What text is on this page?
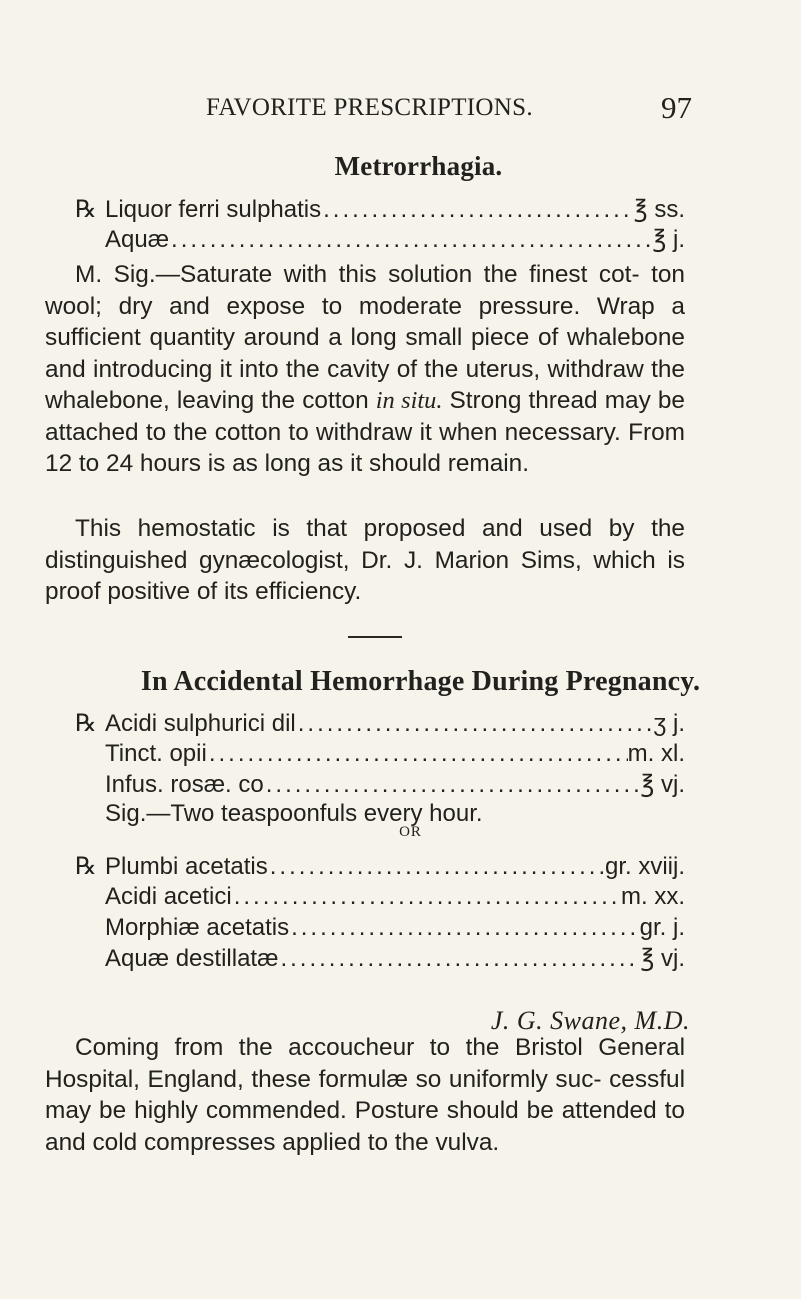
FAVORITE PRESCRIPTIONS.	97
Metrorrhagia.
℞ Liquor ferri sulphatis .....	℥ ss.
Aquæ .....	℥ j.

M. Sig.—Saturate with this solution the finest cot- ton wool; dry and expose to moderate pressure. Wrap a sufficient quantity around a long small piece of whalebone and introducing it into the cavity of the uterus, withdraw the whalebone, leaving the cotton in situ. Strong thread may be attached to the cotton to withdraw it when necessary. From 12 to 24 hours is as long as it should remain.

This hemostatic is that proposed and used by the distinguished gynæcologist, Dr. J. Marion Sims, which is proof positive of its efficiency.

In Accidental Hemorrhage During Pregnancy.
℞ Acidi sulphurici dil .....	ʒ j.
Tinct. opii .....	m. xl.
Infus. rosæ. co .....	℥ vj.
Sig.—Two teaspoonfuls every hour.
OR
℞ Plumbi acetatis .....	gr. xviij.
Acidi acetici .....	m. xx.
Morphiæ acetatis .....	gr. j.
Aquæ destillatæ .....	℥ vj.
J. G. Swane, M.D.

Coming from the accoucheur to the Bristol General Hospital, England, these formulæ so uniformly suc- cessful may be highly commended. Posture should be attended to and cold compresses applied to the vulva.
